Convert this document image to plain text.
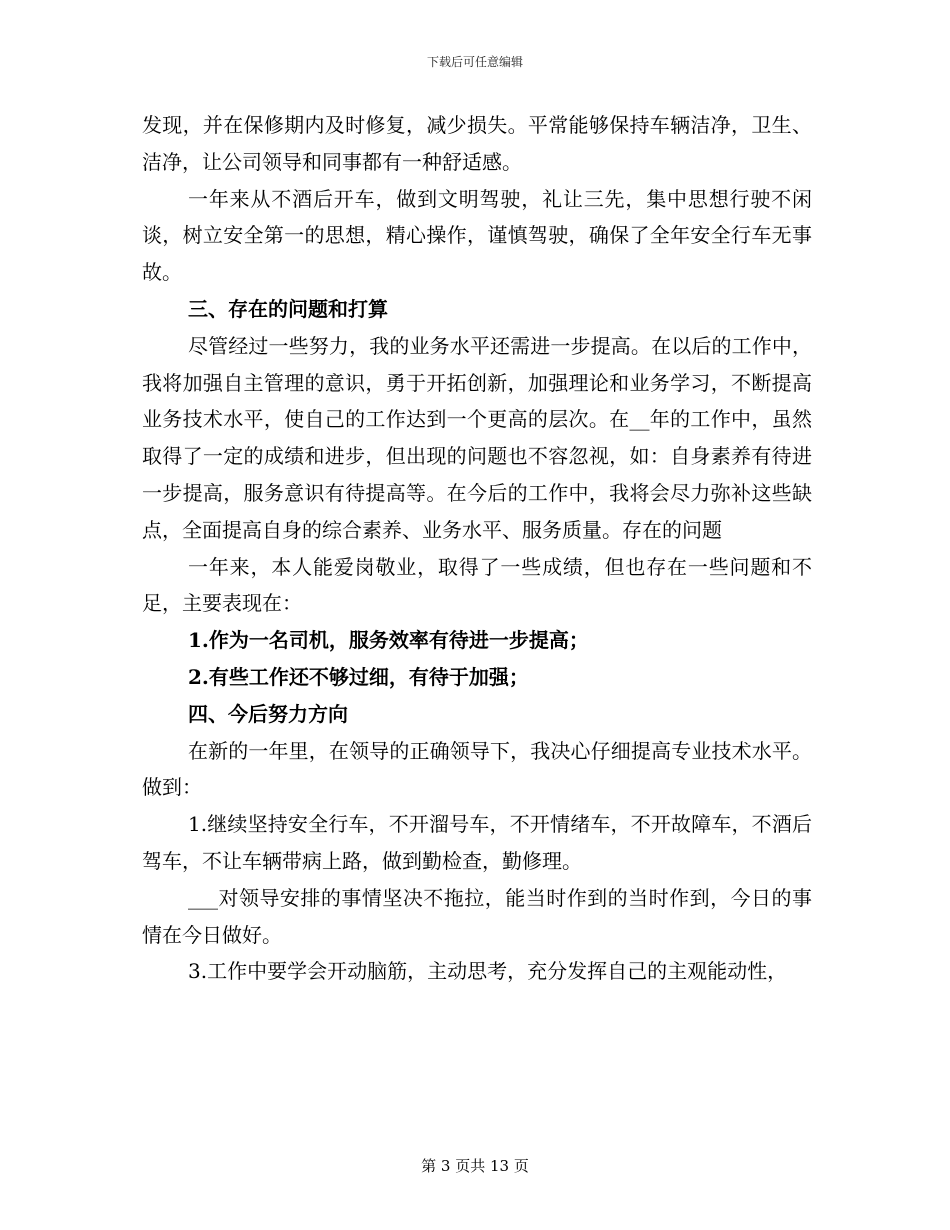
下载后可任意编辑

发现，并在保修期内及时修复，减少损失。平常能够保持车辆洁净，卫生、洁净，让公司领导和同事都有一种舒适感。

一年来从不酒后开车，做到文明驾驶，礼让三先，集中思想行驶不闲谈，树立安全第一的思想，精心操作，谨慎驾驶，确保了全年安全行车无事故。

三、存在的问题和打算

尽管经过一些努力，我的业务水平还需进一步提高。在以后的工作中，我将加强自主管理的意识，勇于开拓创新，加强理论和业务学习，不断提高业务技术水平，使自己的工作达到一个更高的层次。在__年的工作中，虽然取得了一定的成绩和进步，但出现的问题也不容忽视，如：自身素养有待进一步提高，服务意识有待提高等。在今后的工作中，我将会尽力弥补这些缺点，全面提高自身的综合素养、业务水平、服务质量。存在的问题

一年来，本人能爱岗敬业，取得了一些成绩，但也存在一些问题和不足，主要表现在：

1.作为一名司机，服务效率有待进一步提高；

2.有些工作还不够过细，有待于加强；

四、今后努力方向

在新的一年里，在领导的正确领导下，我决心仔细提高专业技术水平。做到：

1.继续坚持安全行车，不开溜号车，不开情绪车，不开故障车，不酒后驾车，不让车辆带病上路，做到勤检查，勤修理。

___对领导安排的事情坚决不拖拉，能当时作到的当时作到，今日的事情在今日做好。

3.工作中要学会开动脑筋，主动思考，充分发挥自己的主观能动性，

第 3 页共 13 页
